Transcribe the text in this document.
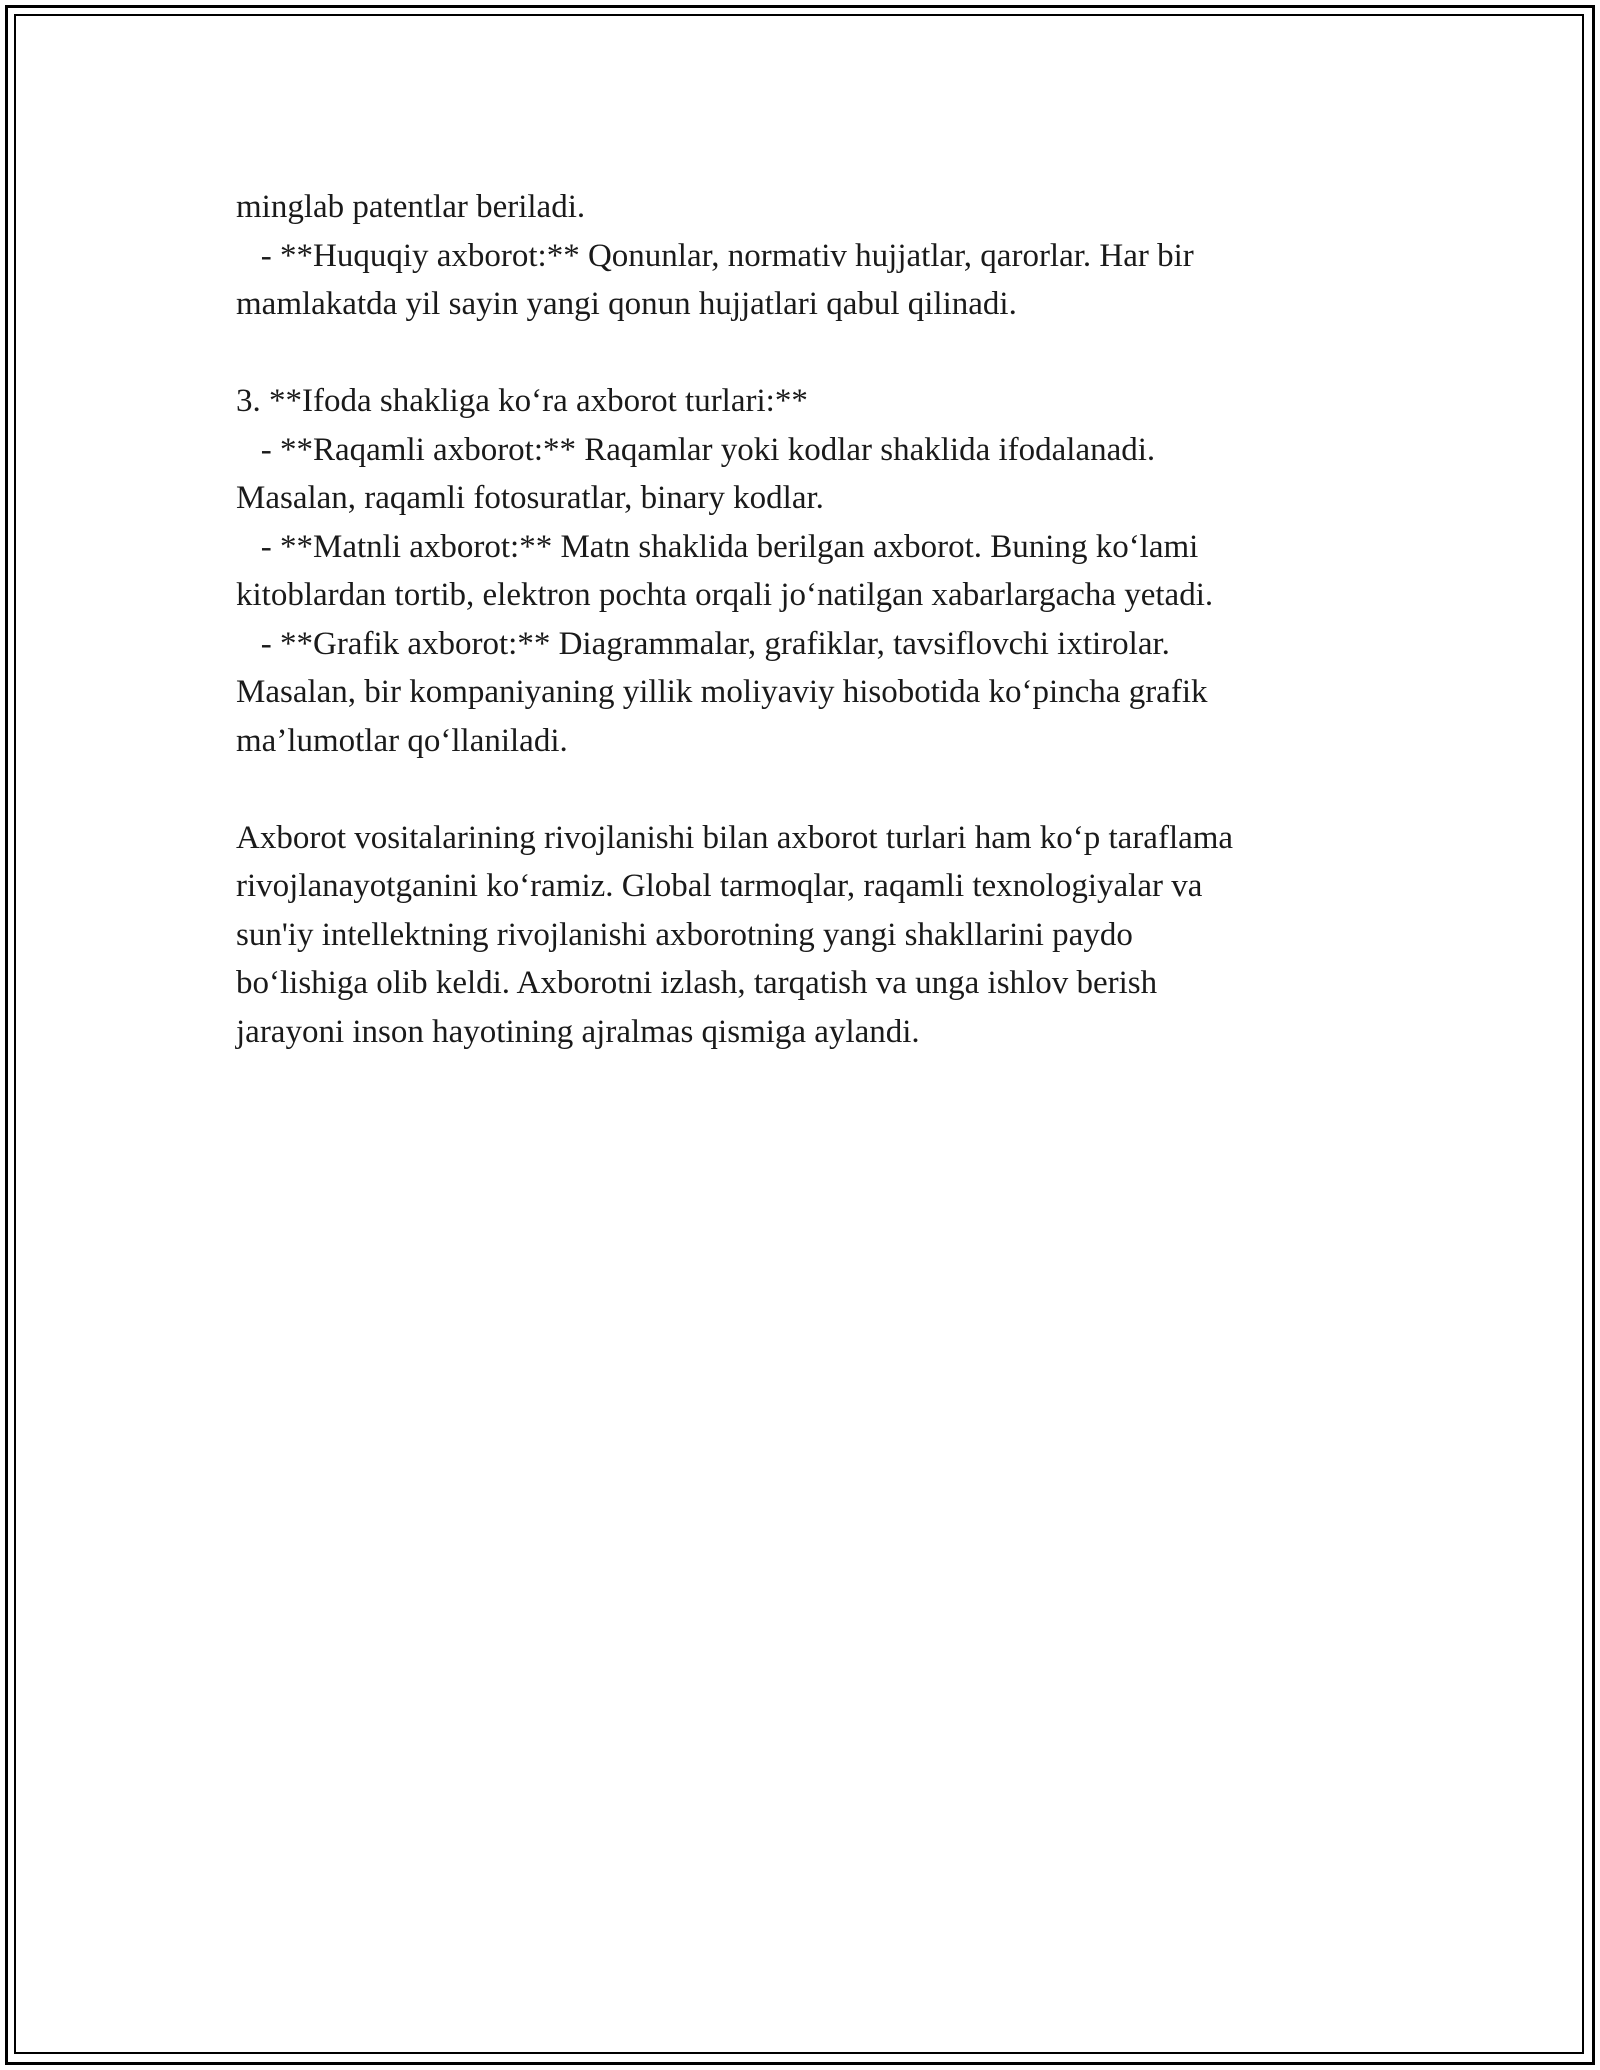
minglab patentlar beriladi.
- **Huquqiy axborot:** Qonunlar, normativ hujjatlar, qarorlar. Har bir
mamlakatda yil sayin yangi qonun hujjatlari qabul qilinadi.
3. **Ifoda shakliga ko‘ra axborot turlari:**
- **Raqamli axborot:** Raqamlar yoki kodlar shaklida ifodalanadi.
Masalan, raqamli fotosuratlar, binary kodlar.
- **Matnli axborot:** Matn shaklida berilgan axborot. Buning ko‘lami
kitoblardan tortib, elektron pochta orqali jo‘natilgan xabarlargacha yetadi.
- **Grafik axborot:** Diagrammalar, grafiklar, tavsiflovchi ixtirolar.
Masalan, bir kompaniyaning yillik moliyaviy hisobotida ko‘pincha grafik
ma’lumotlar qo‘llaniladi.
Axborot vositalarining rivojlanishi bilan axborot turlari ham ko‘p taraflama
rivojlanayotganini ko‘ramiz. Global tarmoqlar, raqamli texnologiyalar va
sun'iy intellektning rivojlanishi axborotning yangi shakllarini paydo
bo‘lishiga olib keldi. Axborotni izlash, tarqatish va unga ishlov berish
jarayoni inson hayotining ajralmas qismiga aylandi.
